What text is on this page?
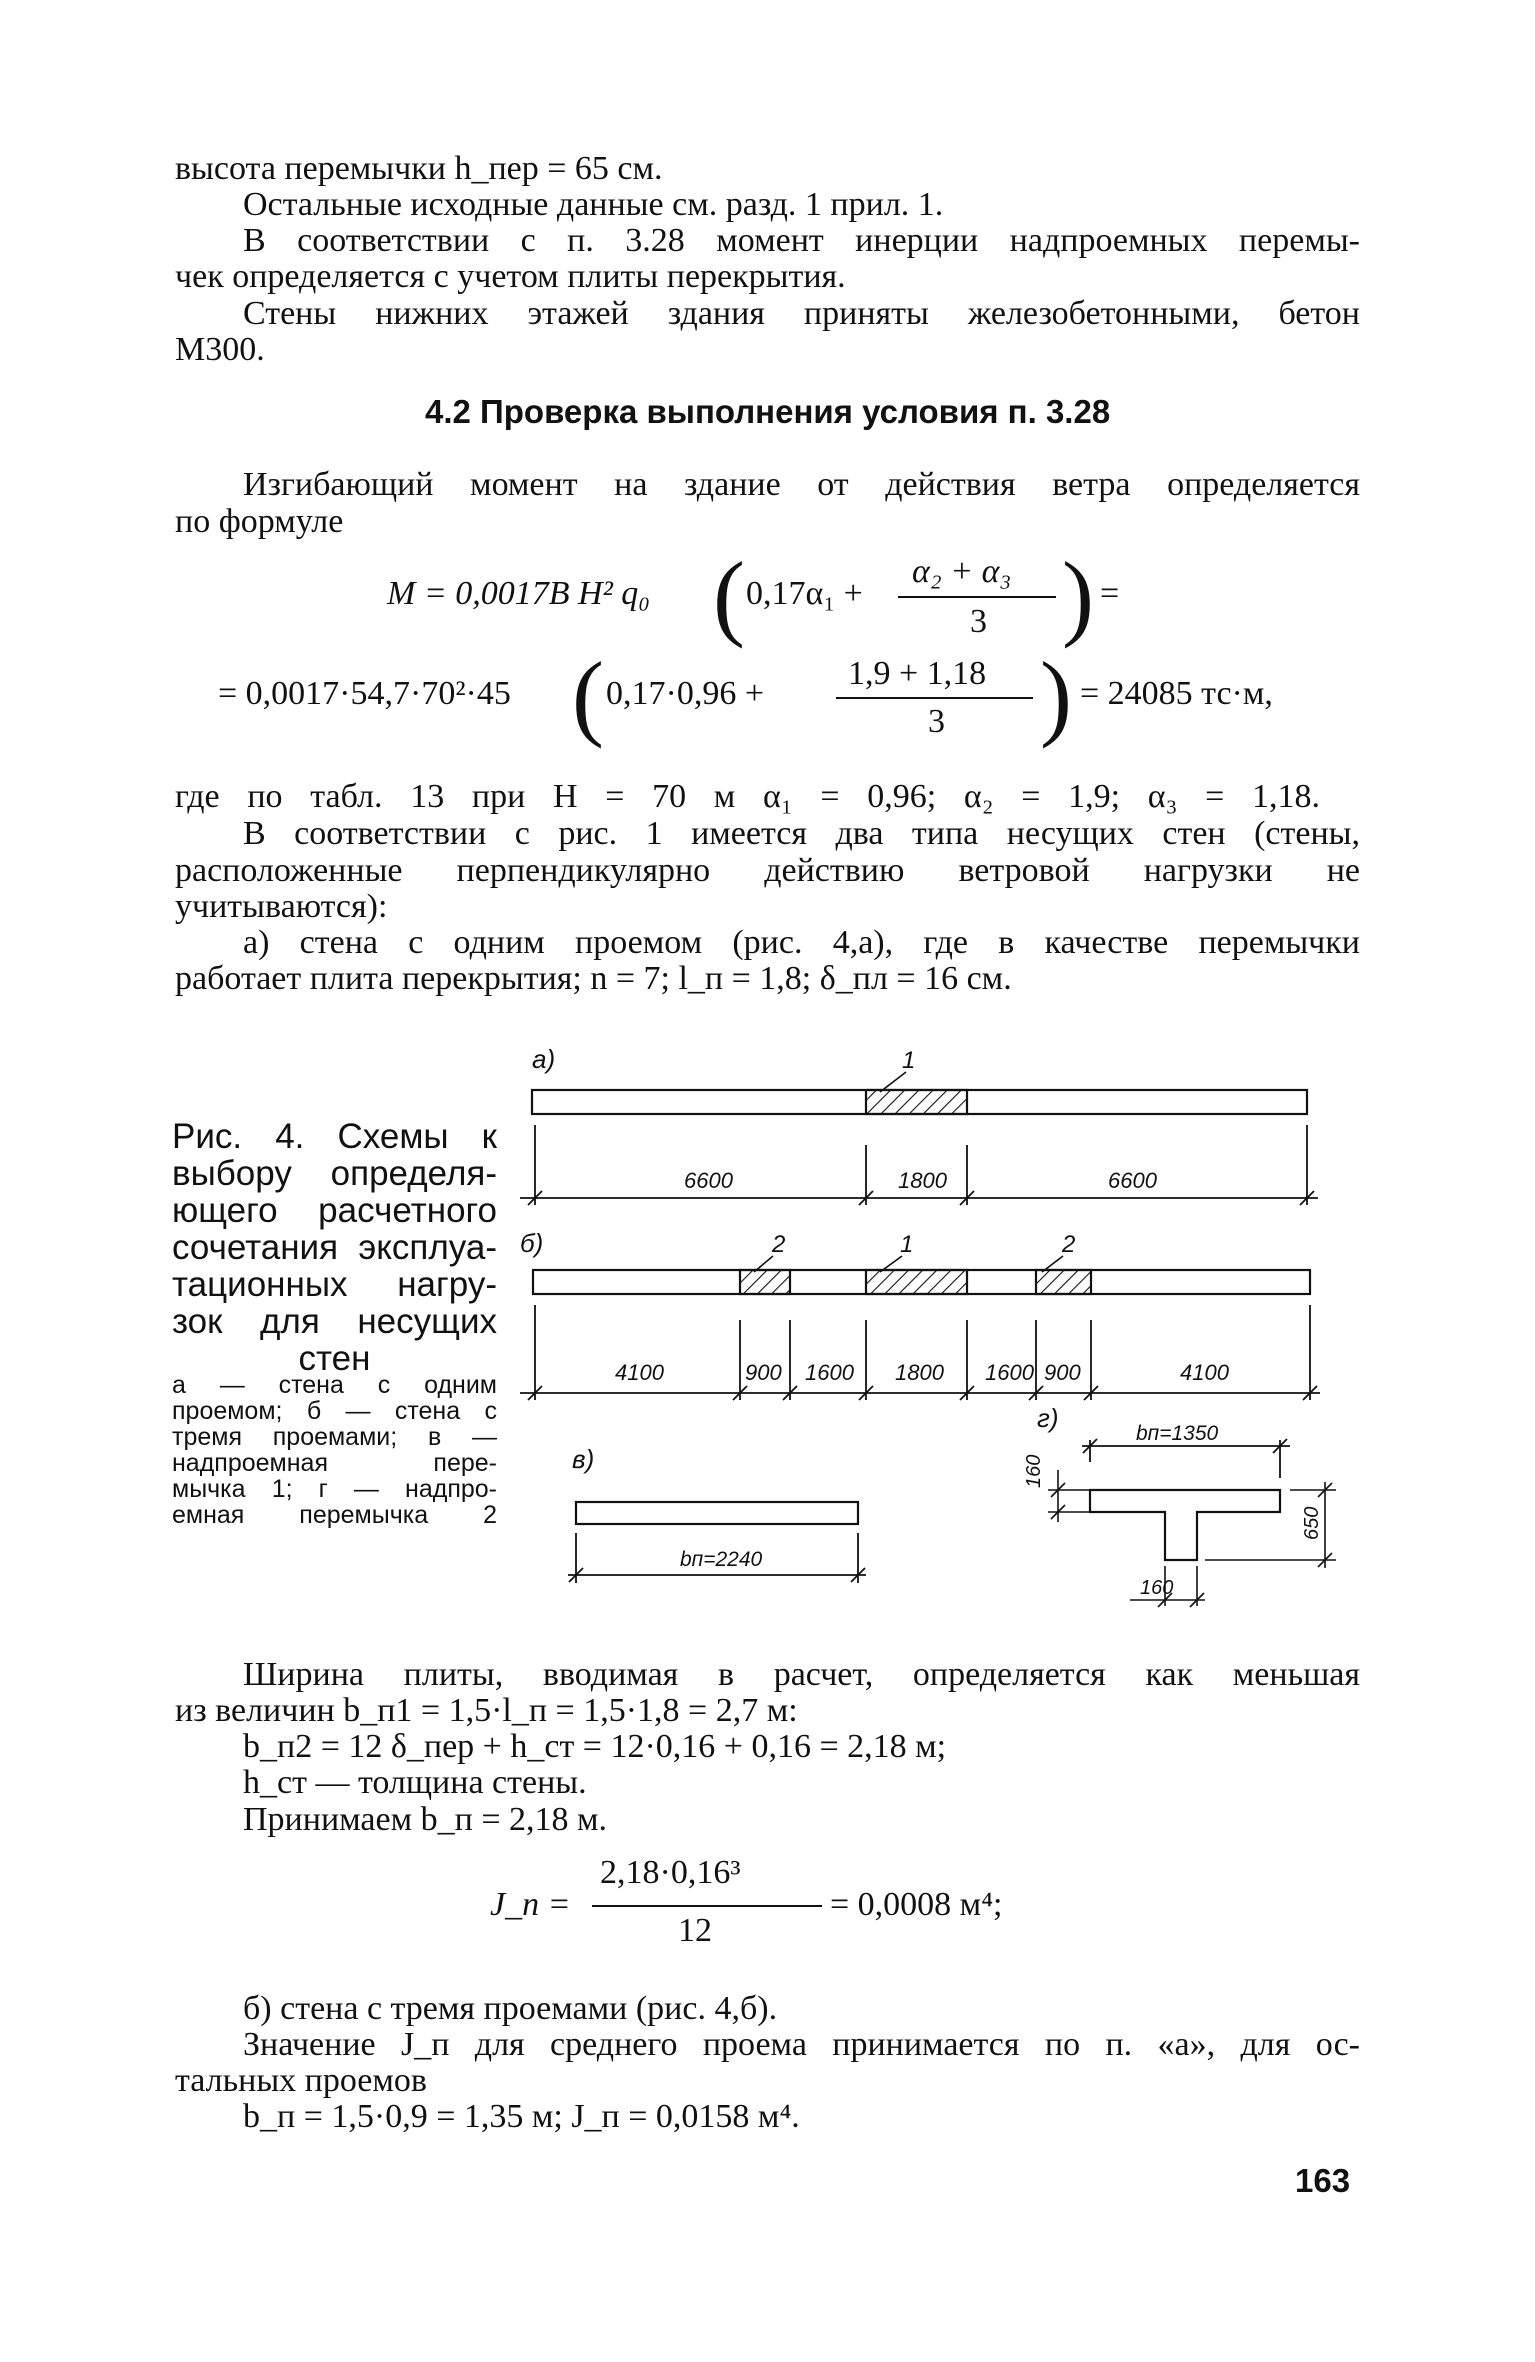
высота перемычки h_пер = 65 см.
Остальные исходные данные см. разд. 1 прил. 1.
В соответствии с п. 3.28 момент инерции надпроемных перемы-
чек определяется с учетом плиты перекрытия.
Стены нижних этажей здания приняты железобетонными, бетон
М300.
4.2 Проверка выполнения условия п. 3.28
Изгибающий момент на здание от действия ветра определяется
по формуле
M = 0,0017B H² q₀ ( 0,17α₁ +
α₂ + α₃
3 ) =
= 0,0017·54,7·70²·45 ( 0,17·0,96 +
1,9 + 1,18
3 ) = 24085 тс·м,
где по табл. 13 при H = 70 м α₁ = 0,96; α₂ = 1,9; α₃ = 1,18.
В соответствии с рис. 1 имеется два типа несущих стен (стены,
расположенные перпендикулярно действию ветровой нагрузки не
учитываются):
а) стена с одним проемом (рис. 4,а), где в качестве перемычки
работает плита перекрытия; n = 7; l_п = 1,8; δ_пл = 16 см.
Рис. 4. Схемы к
выбору определя-
ющего расчетного
сочетания эксплуа-
тационных нагру-
зок для несущих
стен
а — стена с одним
проемом; б — стена с
тремя проемами; в —
надпроемная пере-
мычка 1; г — надпро-
емная перемычка 2
а)	1
6600	1800	6600
б)	2	1	2
4100	900 1600 1800 1600 900	4100
в)
bп=2240
г)
bп=1350
160
650
160
Ширина плиты, вводимая в расчет, определяется как меньшая
из величин b_п1 = 1,5·l_п = 1,5·1,8 = 2,7 м:
b_п2 = 12 δ_пер + h_ст = 12·0,16 + 0,16 = 2,18 м;
h_ст — толщина стены.
Принимаем b_п = 2,18 м.
J_п =
2,18·0,16³
12
= 0,0008 м⁴;
б) стена с тремя проемами (рис. 4,б).
Значение J_п для среднего проема принимается по п. «а», для ос-
тальных проемов
b_п = 1,5·0,9 = 1,35 м; J_п = 0,0158 м⁴.
163
